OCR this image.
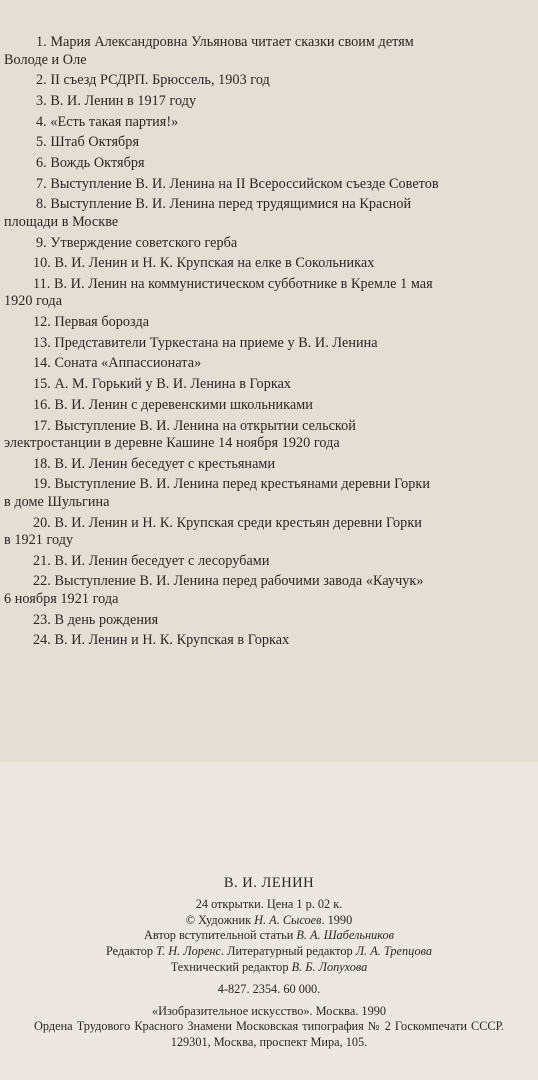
1. Мария Александровна Ульянова читает сказки своим детям
Володе и Оле
2. II съезд РСДРП. Брюссель, 1903 год
3. В. И. Ленин в 1917 году
4. «Есть такая партия!»
5. Штаб Октября
6. Вождь Октября
7. Выступление В. И. Ленина на II Всероссийском съезде Советов
8. Выступление В. И. Ленина перед трудящимися на Красной
площади в Москве
9. Утверждение советского герба
10. В. И. Ленин и Н. К. Крупская на елке в Сокольниках
11. В. И. Ленин на коммунистическом субботнике в Кремле 1 мая
1920 года
12. Первая борозда
13. Представители Туркестана на приеме у В. И. Ленина
14. Соната «Аппассионата»
15. А. М. Горький у В. И. Ленина в Горках
16. В. И. Ленин с деревенскими школьниками
17. Выступление В. И. Ленина на открытии сельской
электростанции в деревне Кашине 14 ноября 1920 года
18. В. И. Ленин беседует с крестьянами
19. Выступление В. И. Ленина перед крестьянами деревни Горки
в доме Шульгина
20. В. И. Ленин и Н. К. Крупская среди крестьян деревни Горки
в 1921 году
21. В. И. Ленин беседует с лесорубами
22. Выступление В. И. Ленина перед рабочими завода «Каучук»
6 ноября 1921 года
23. В день рождения
24. В. И. Ленин и Н. К. Крупская в Горках
В. И. ЛЕНИН
24 открытки. Цена 1 р. 02 к.
© Художник Н. А. Сысоев. 1990
Автор вступительной статьи В. А. Шабельников
Редактор Т. Н. Лоренс. Литературный редактор Л. А. Трепцова
Технический редактор В. Б. Лопухова
4-827. 2354. 60 000.
«Изобразительное искусство». Москва. 1990
Ордена Трудового Красного Знамени Московская типография № 2 Госкомпечати СССР. 129301, Москва, проспект Мира, 105.
